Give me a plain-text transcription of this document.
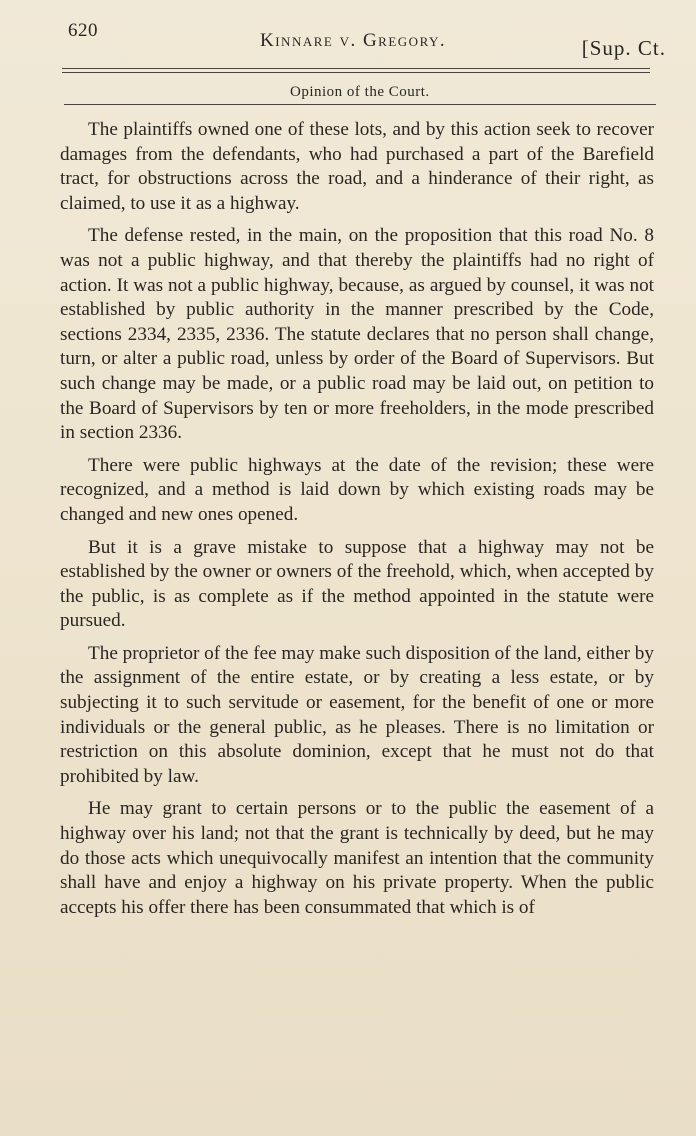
620	Kinnare v. Gregory.	[Sup. Ct.
Opinion of the Court.

The plaintiffs owned one of these lots, and by this action seek to recover damages from the defendants, who had purchased a part of the Barefield tract, for obstructions across the road, and a hinderance of their right, as claimed, to use it as a highway.

The defense rested, in the main, on the proposition that this road No. 8 was not a public highway, and that thereby the plaintiffs had no right of action. It was not a public highway, because, as argued by counsel, it was not established by public authority in the manner prescribed by the Code, sections 2334, 2335, 2336. The statute declares that no person shall change, turn, or alter a public road, unless by order of the Board of Supervisors. But such change may be made, or a public road may be laid out, on petition to the Board of Supervisors by ten or more freeholders, in the mode prescribed in section 2336.

There were public highways at the date of the revision; these were recognized, and a method is laid down by which existing roads may be changed and new ones opened.

But it is a grave mistake to suppose that a highway may not be established by the owner or owners of the freehold, which, when accepted by the public, is as complete as if the method appointed in the statute were pursued.

The proprietor of the fee may make such disposition of the land, either by the assignment of the entire estate, or by creating a less estate, or by subjecting it to such servitude or easement, for the benefit of one or more individuals or the general public, as he pleases. There is no limitation or restriction on this absolute dominion, except that he must not do that prohibited by law.

He may grant to certain persons or to the public the easement of a highway over his land; not that the grant is technically by deed, but he may do those acts which unequivocally manifest an intention that the community shall have and enjoy a highway on his private property. When the public accepts his offer there has been consummated that which is of
